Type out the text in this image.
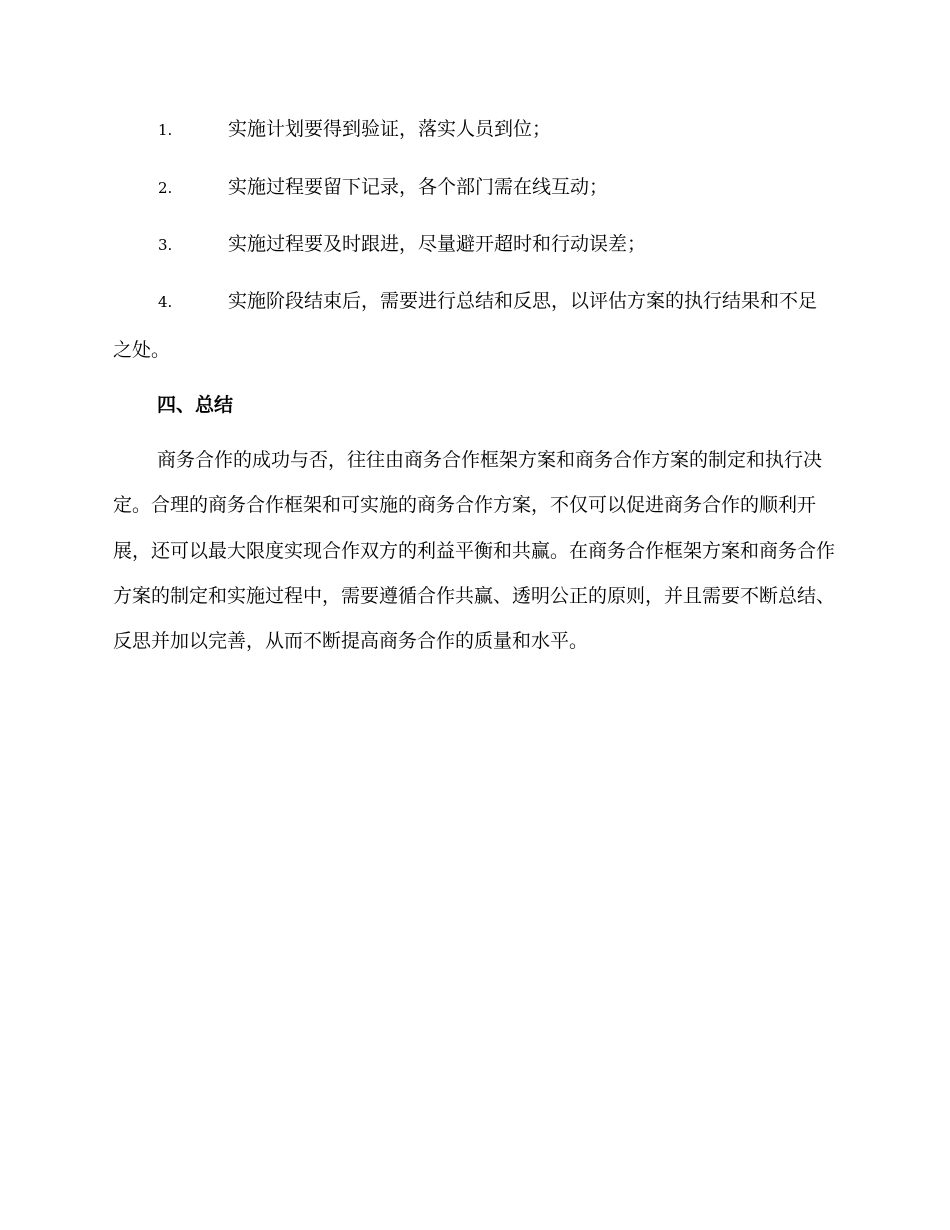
1.	实施计划要得到验证，落实人员到位；
2.	实施过程要留下记录，各个部门需在线互动；
3.	实施过程要及时跟进，尽量避开超时和行动误差；
4.	实施阶段结束后，需要进行总结和反思，以评估方案的执行结果和不足之处。
四、总结
商务合作的成功与否，往往由商务合作框架方案和商务合作方案的制定和执行决定。合理的商务合作框架和可实施的商务合作方案，不仅可以促进商务合作的顺利开展，还可以最大限度实现合作双方的利益平衡和共赢。在商务合作框架方案和商务合作方案的制定和实施过程中，需要遵循合作共赢、透明公正的原则，并且需要不断总结、反思并加以完善，从而不断提高商务合作的质量和水平。
